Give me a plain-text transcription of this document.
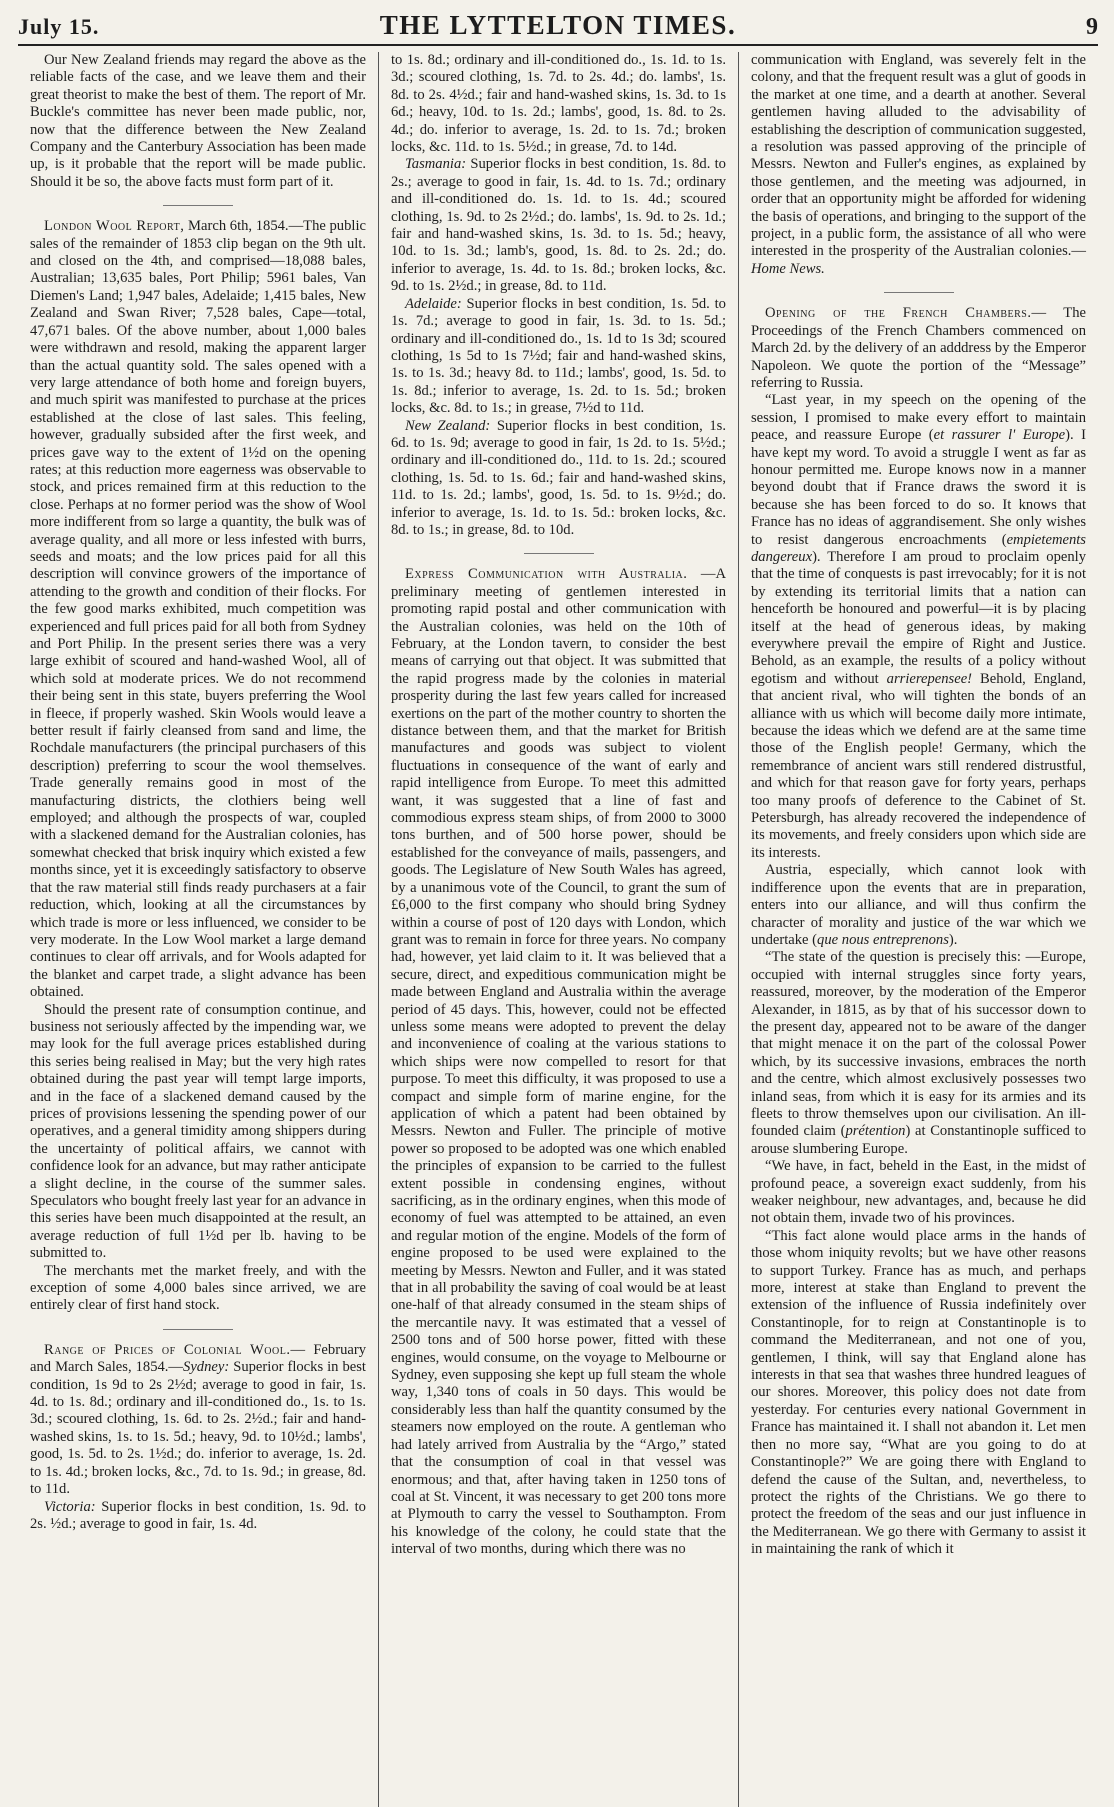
July 15.	THE LYTTELTON TIMES.	9

Our New Zealand friends may regard the above as the reliable facts of the case, and we leave them and their great theorist to make the best of them. The report of Mr. Buckle's committee has never been made public, nor, now that the difference between the New Zealand Company and the Canterbury Association has been made up, is it probable that the report will be made public. Should it be so, the above facts must form part of it.

London Wool Report, March 6th, 1854.—The public sales of the remainder of 1853 clip began on the 9th ult. and closed on the 4th, and comprised—18,088 bales, Australian; 13,635 bales, Port Philip; 5961 bales, Van Diemen's Land; 1,947 bales, Adelaide; 1,415 bales, New Zealand and Swan River; 7,528 bales, Cape—total, 47,671 bales. Of the above number, about 1,000 bales were withdrawn and resold, making the apparent larger than the actual quantity sold. The sales opened with a very large attendance of both home and foreign buyers, and much spirit was manifested to purchase at the prices established at the close of last sales. This feeling, however, gradually subsided after the first week, and prices gave way to the extent of 1½d on the opening rates; at this reduction more eagerness was observable to stock, and prices remained firm at this reduction to the close. Perhaps at no former period was the show of Wool more indifferent from so large a quantity, the bulk was of average quality, and all more or less infested with burrs, seeds and moats; and the low prices paid for all this description will convince growers of the importance of attending to the growth and condition of their flocks. For the few good marks exhibited, much competition was experienced and full prices paid for all both from Sydney and Port Philip. In the present series there was a very large exhibit of scoured and hand-washed Wool, all of which sold at moderate prices. We do not recommend their being sent in this state, buyers preferring the Wool in fleece, if properly washed. Skin Wools would leave a better result if fairly cleansed from sand and lime, the Rochdale manufacturers (the principal purchasers of this description) preferring to scour the wool themselves. Trade generally remains good in most of the manufacturing districts, the clothiers being well employed; and although the prospects of war, coupled with a slackened demand for the Australian colonies, has somewhat checked that brisk inquiry which existed a few months since, yet it is exceedingly satisfactory to observe that the raw material still finds ready purchasers at a fair reduction, which, looking at all the circumstances by which trade is more or less influenced, we consider to be very moderate. In the Low Wool market a large demand continues to clear off arrivals, and for Wools adapted for the blanket and carpet trade, a slight advance has been obtained.

Should the present rate of consumption continue, and business not seriously affected by the impending war, we may look for the full average prices established during this series being realised in May; but the very high rates obtained during the past year will tempt large imports, and in the face of a slackened demand caused by the prices of provisions lessening the spending power of our operatives, and a general timidity among shippers during the uncertainty of political affairs, we cannot with confidence look for an advance, but may rather anticipate a slight decline, in the course of the summer sales. Speculators who bought freely last year for an advance in this series have been much disappointed at the result, an average reduction of full 1½d per lb. having to be submitted to.

The merchants met the market freely, and with the exception of some 4,000 bales since arrived, we are entirely clear of first hand stock.

Range of Prices of Colonial Wool.— February and March Sales, 1854.—Sydney: Superior flocks in best condition, 1s 9d to 2s 2½d; average to good in fair, 1s. 4d. to 1s. 8d.; ordinary and ill-conditioned do., 1s. to 1s. 3d.; scoured clothing, 1s. 6d. to 2s. 2½d.; fair and hand-washed skins, 1s. to 1s. 5d.; heavy, 9d. to 10½d.; lambs', good, 1s. 5d. to 2s. 1½d.; do. inferior to average, 1s. 2d. to 1s. 4d.; broken locks, &c., 7d. to 1s. 9d.; in grease, 8d. to 11d.

Victoria: Superior flocks in best condition, 1s. 9d. to 2s. ½d.; average to good in fair, 1s. 4d.

to 1s. 8d.; ordinary and ill-conditioned do., 1s. 1d. to 1s. 3d.; scoured clothing, 1s. 7d. to 2s. 4d.; do. lambs', 1s. 8d. to 2s. 4½d.; fair and hand-washed skins, 1s. 3d. to 1s 6d.; heavy, 10d. to 1s. 2d.; lambs', good, 1s. 8d. to 2s. 4d.; do. inferior to average, 1s. 2d. to 1s. 7d.; broken locks, &c. 11d. to 1s. 5½d.; in grease, 7d. to 14d.

Tasmania: Superior flocks in best condition, 1s. 8d. to 2s.; average to good in fair, 1s. 4d. to 1s. 7d.; ordinary and ill-conditioned do. 1s. 1d. to 1s. 4d.; scoured clothing, 1s. 9d. to 2s 2½d.; do. lambs', 1s. 9d. to 2s. 1d.; fair and hand-washed skins, 1s. 3d. to 1s. 5d.; heavy, 10d. to 1s. 3d.; lamb's, good, 1s. 8d. to 2s. 2d.; do. inferior to average, 1s. 4d. to 1s. 8d.; broken locks, &c. 9d. to 1s. 2½d.; in grease, 8d. to 11d.

Adelaide: Superior flocks in best condition, 1s. 5d. to 1s. 7d.; average to good in fair, 1s. 3d. to 1s. 5d.; ordinary and ill-conditioned do., 1s. 1d to 1s 3d; scoured clothing, 1s 5d to 1s 7½d; fair and hand-washed skins, 1s. to 1s. 3d.; heavy 8d. to 11d.; lambs', good, 1s. 5d. to 1s. 8d.; inferior to average, 1s. 2d. to 1s. 5d.; broken locks, &c. 8d. to 1s.; in grease, 7½d to 11d.

New Zealand: Superior flocks in best condition, 1s. 6d. to 1s. 9d; average to good in fair, 1s 2d. to 1s. 5½d.; ordinary and ill-conditioned do., 11d. to 1s. 2d.; scoured clothing, 1s. 5d. to 1s. 6d.; fair and hand-washed skins, 11d. to 1s. 2d.; lambs', good, 1s. 5d. to 1s. 9½d.; do. inferior to average, 1s. 1d. to 1s. 5d.: broken locks, &c. 8d. to 1s.; in grease, 8d. to 10d.

Express Communication with Australia. —A preliminary meeting of gentlemen interested in promoting rapid postal and other communication with the Australian colonies, was held on the 10th of February, at the London tavern, to consider the best means of carrying out that object. It was submitted that the rapid progress made by the colonies in material prosperity during the last few years called for increased exertions on the part of the mother country to shorten the distance between them, and that the market for British manufactures and goods was subject to violent fluctuations in consequence of the want of early and rapid intelligence from Europe. To meet this admitted want, it was suggested that a line of fast and commodious express steam ships, of from 2000 to 3000 tons burthen, and of 500 horse power, should be established for the conveyance of mails, passengers, and goods. The Legislature of New South Wales has agreed, by a unanimous vote of the Council, to grant the sum of £6,000 to the first company who should bring Sydney within a course of post of 120 days with London, which grant was to remain in force for three years. No company had, however, yet laid claim to it. It was believed that a secure, direct, and expeditious communication might be made between England and Australia within the average period of 45 days. This, however, could not be effected unless some means were adopted to prevent the delay and inconvenience of coaling at the various stations to which ships were now compelled to resort for that purpose. To meet this difficulty, it was proposed to use a compact and simple form of marine engine, for the application of which a patent had been obtained by Messrs. Newton and Fuller. The principle of motive power so proposed to be adopted was one which enabled the principles of expansion to be carried to the fullest extent possible in condensing engines, without sacrificing, as in the ordinary engines, when this mode of economy of fuel was attempted to be attained, an even and regular motion of the engine. Models of the form of engine proposed to be used were explained to the meeting by Messrs. Newton and Fuller, and it was stated that in all probability the saving of coal would be at least one-half of that already consumed in the steam ships of the mercantile navy. It was estimated that a vessel of 2500 tons and of 500 horse power, fitted with these engines, would consume, on the voyage to Melbourne or Sydney, even supposing she kept up full steam the whole way, 1,340 tons of coals in 50 days. This would be considerably less than half the quantity consumed by the steamers now employed on the route. A gentleman who had lately arrived from Australia by the “Argo,” stated that the consumption of coal in that vessel was enormous; and that, after having taken in 1250 tons of coal at St. Vincent, it was necessary to get 200 tons more at Plymouth to carry the vessel to Southampton. From his knowledge of the colony, he could state that the interval of two months, during which there was no

communication with England, was severely felt in the colony, and that the frequent result was a glut of goods in the market at one time, and a dearth at another. Several gentlemen having alluded to the advisability of establishing the description of communication suggested, a resolution was passed approving of the principle of Messrs. Newton and Fuller's engines, as explained by those gentlemen, and the meeting was adjourned, in order that an opportunity might be afforded for widening the basis of operations, and bringing to the support of the project, in a public form, the assistance of all who were interested in the prosperity of the Australian colonies.—Home News.

Opening of the French Chambers.— The Proceedings of the French Chambers commenced on March 2d. by the delivery of an adddress by the Emperor Napoleon. We quote the portion of the “Message” referring to Russia.

“Last year, in my speech on the opening of the session, I promised to make every effort to maintain peace, and reassure Europe (et rassurer l' Europe). I have kept my word. To avoid a struggle I went as far as honour permitted me. Europe knows now in a manner beyond doubt that if France draws the sword it is because she has been forced to do so. It knows that France has no ideas of aggrandisement. She only wishes to resist dangerous encroachments (empietements dangereux). Therefore I am proud to proclaim openly that the time of conquests is past irrevocably; for it is not by extending its territorial limits that a nation can henceforth be honoured and powerful—it is by placing itself at the head of generous ideas, by making everywhere prevail the empire of Right and Justice. Behold, as an example, the results of a policy without egotism and without arrierepensee! Behold, England, that ancient rival, who will tighten the bonds of an alliance with us which will become daily more intimate, because the ideas which we defend are at the same time those of the English people! Germany, which the remembrance of ancient wars still rendered distrustful, and which for that reason gave for forty years, perhaps too many proofs of deference to the Cabinet of St. Petersburgh, has already recovered the independence of its movements, and freely considers upon which side are its interests.

Austria, especially, which cannot look with indifference upon the events that are in preparation, enters into our alliance, and will thus confirm the character of morality and justice of the war which we undertake (que nous entreprenons).

“The state of the question is precisely this: —Europe, occupied with internal struggles since forty years, reassured, moreover, by the moderation of the Emperor Alexander, in 1815, as by that of his successor down to the present day, appeared not to be aware of the danger that might menace it on the part of the colossal Power which, by its successive invasions, embraces the north and the centre, which almost exclusively possesses two inland seas, from which it is easy for its armies and its fleets to throw themselves upon our civilisation. An ill-founded claim (prétention) at Constantinople sufficed to arouse slumbering Europe.

“We have, in fact, beheld in the East, in the midst of profound peace, a sovereign exact suddenly, from his weaker neighbour, new advantages, and, because he did not obtain them, invade two of his provinces.

“This fact alone would place arms in the hands of those whom iniquity revolts; but we have other reasons to support Turkey. France has as much, and perhaps more, interest at stake than England to prevent the extension of the influence of Russia indefinitely over Constantinople, for to reign at Constantinople is to command the Mediterranean, and not one of you, gentlemen, I think, will say that England alone has interests in that sea that washes three hundred leagues of our shores. Moreover, this policy does not date from yesterday. For centuries every national Government in France has maintained it. I shall not abandon it. Let men then no more say, “What are you going to do at Constantinople?” We are going there with England to defend the cause of the Sultan, and, nevertheless, to protect the rights of the Christians. We go there to protect the freedom of the seas and our just influence in the Mediterranean. We go there with Germany to assist it in maintaining the rank of which it
